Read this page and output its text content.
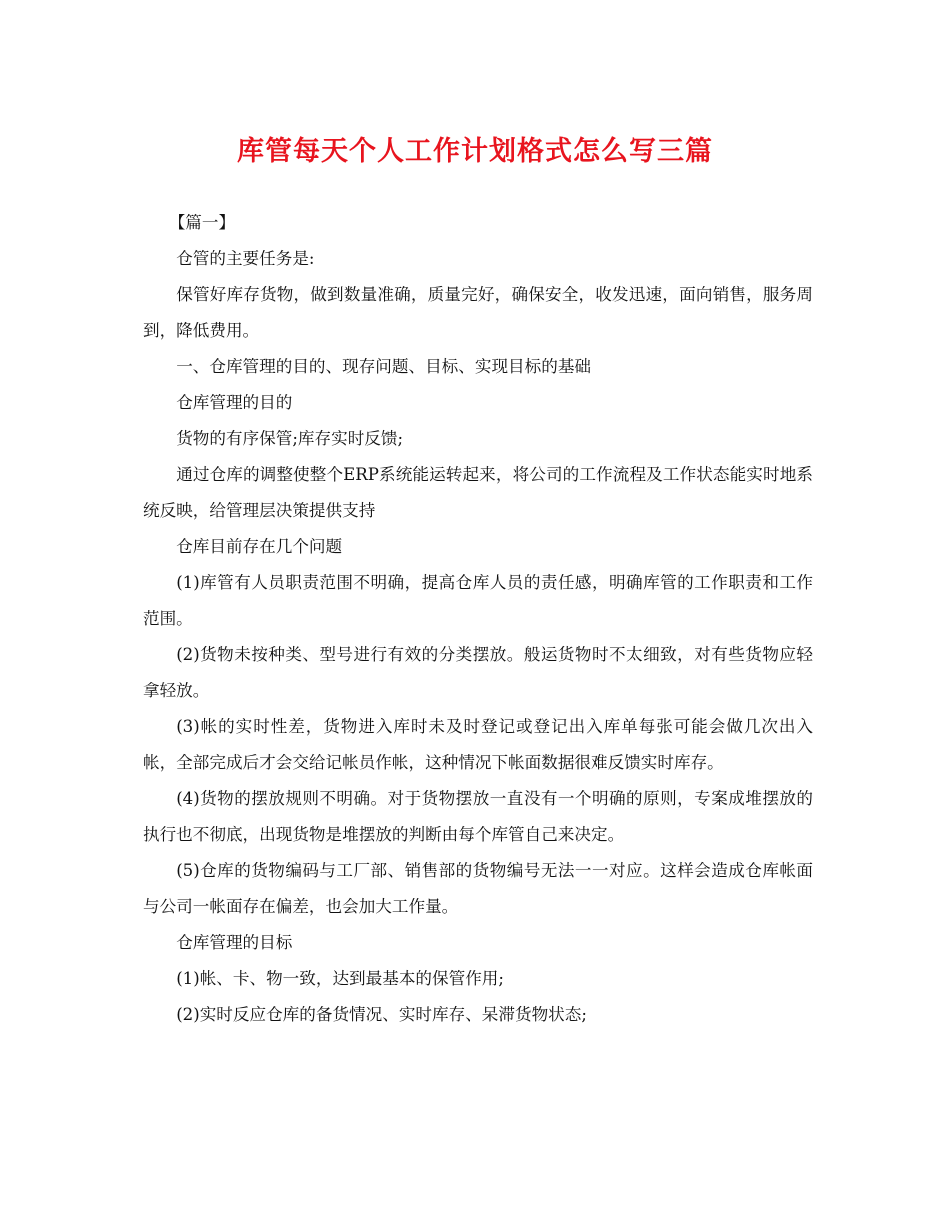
库管每天个人工作计划格式怎么写三篇

【篇一】

仓管的主要任务是:

保管好库存货物，做到数量准确，质量完好，确保安全，收发迅速，面向销售，服务周到，降低费用。

一、仓库管理的目的、现存问题、目标、实现目标的基础

仓库管理的目的

货物的有序保管;库存实时反馈;

通过仓库的调整使整个ERP系统能运转起来，将公司的工作流程及工作状态能实时地系统反映，给管理层决策提供支持

仓库目前存在几个问题

(1)库管有人员职责范围不明确，提高仓库人员的责任感，明确库管的工作职责和工作范围。

(2)货物未按种类、型号进行有效的分类摆放。般运货物时不太细致，对有些货物应轻拿轻放。

(3)帐的实时性差，货物进入库时未及时登记或登记出入库单每张可能会做几次出入帐，全部完成后才会交给记帐员作帐，这种情况下帐面数据很难反馈实时库存。

(4)货物的摆放规则不明确。对于货物摆放一直没有一个明确的原则，专案成堆摆放的执行也不彻底，出现货物是堆摆放的判断由每个库管自己来决定。

(5)仓库的货物编码与工厂部、销售部的货物编号无法一一对应。这样会造成仓库帐面与公司一帐面存在偏差，也会加大工作量。

仓库管理的目标

(1)帐、卡、物一致，达到最基本的保管作用;

(2)实时反应仓库的备货情况、实时库存、呆滞货物状态;
